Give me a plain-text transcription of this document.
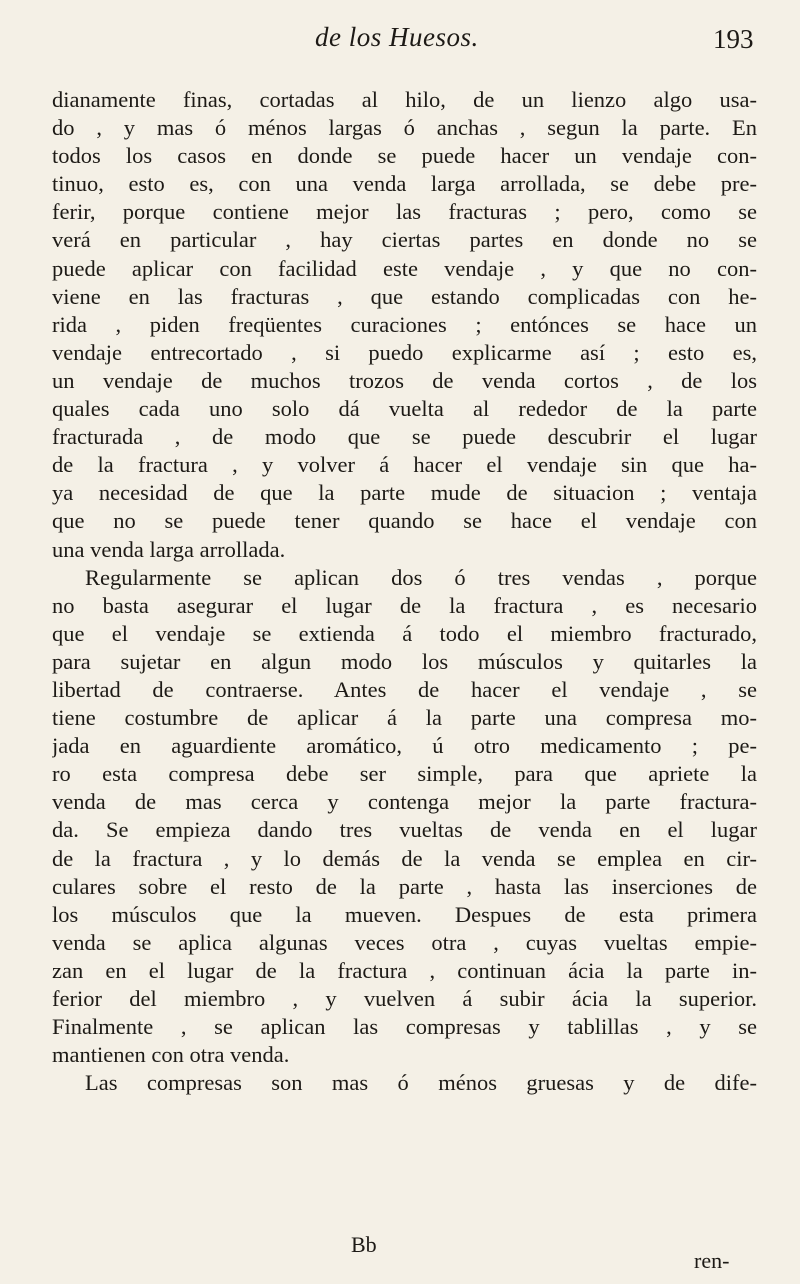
de los Huesos.	193
dianamente finas, cortadas al hilo, de un lienzo algo usa-
do , y mas ó ménos largas ó anchas , segun la parte. En
todos los casos en donde se puede hacer un vendaje con-
tinuo, esto es, con una venda larga arrollada, se debe pre-
ferir, porque contiene mejor las fracturas ; pero, como se
verá en particular , hay ciertas partes en donde no se
puede aplicar con facilidad este vendaje , y que no con-
viene en las fracturas , que estando complicadas con he-
rida , piden freqüentes curaciones ; entónces se hace un
vendaje entrecortado , si puedo explicarme así ; esto es,
un vendaje de muchos trozos de venda cortos , de los
quales cada uno solo dá vuelta al rededor de la parte
fracturada , de modo que se puede descubrir el lugar
de la fractura , y volver á hacer el vendaje sin que ha-
ya necesidad de que la parte mude de situacion ; ventaja
que no se puede tener quando se hace el vendaje con
una venda larga arrollada.
Regularmente se aplican dos ó tres vendas , porque
no basta asegurar el lugar de la fractura , es necesario
que el vendaje se extienda á todo el miembro fracturado,
para sujetar en algun modo los músculos y quitarles la
libertad de contraerse. Antes de hacer el vendaje , se
tiene costumbre de aplicar á la parte una compresa mo-
jada en aguardiente aromático, ú otro medicamento ; pe-
ro esta compresa debe ser simple, para que apriete la
venda de mas cerca y contenga mejor la parte fractura-
da. Se empieza dando tres vueltas de venda en el lugar
de la fractura , y lo demás de la venda se emplea en cir-
culares sobre el resto de la parte , hasta las inserciones de
los músculos que la mueven. Despues de esta primera
venda se aplica algunas veces otra , cuyas vueltas empie-
zan en el lugar de la fractura , continuan ácia la parte in-
ferior del miembro , y vuelven á subir ácia la superior.
Finalmente , se aplican las compresas y tablillas , y se
mantienen con otra venda.
Las compresas son mas ó ménos gruesas y de dife-
Bb
ren-
